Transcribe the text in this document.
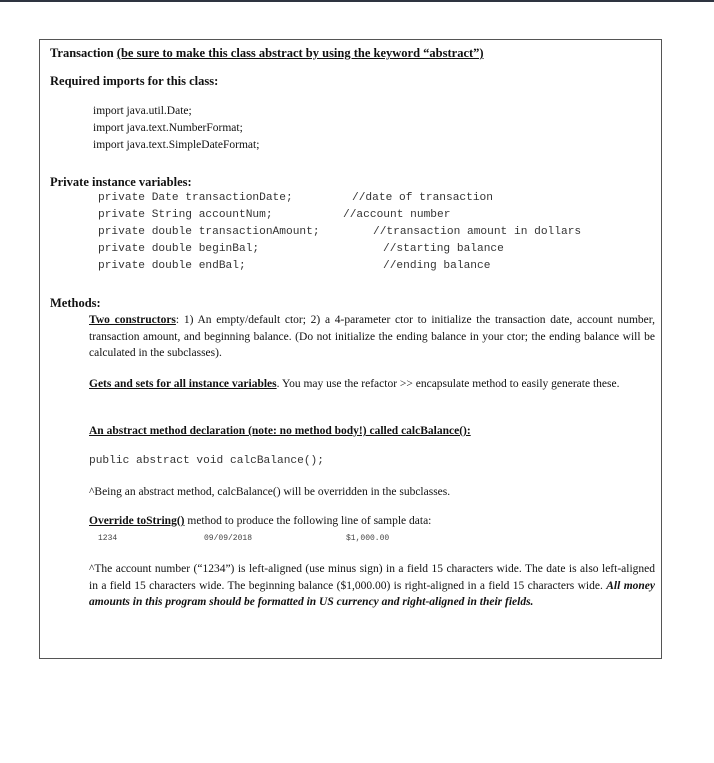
Transaction (be sure to make this class abstract by using the keyword “abstract”)
Required imports for this class:
import java.util.Date;
import java.text.NumberFormat;
import java.text.SimpleDateFormat;
Private instance variables:
private Date transactionDate;	//date of transaction
private String accountNum;	//account number
private double transactionAmount;	//transaction amount in dollars
private double beginBal;	//starting balance
private double endBal;	//ending balance
Methods:
Two constructors: 1) An empty/default ctor; 2) a 4-parameter ctor to initialize the transaction date, account number, transaction amount, and beginning balance. (Do not initialize the ending balance in your ctor; the ending balance will be calculated in the subclasses).
Gets and sets for all instance variables. You may use the refactor >> encapsulate method to easily generate these.
An abstract method declaration (note: no method body!) called calcBalance():
public abstract void calcBalance();
^Being an abstract method, calcBalance() will be overridden in the subclasses.
Override toString() method to produce the following line of sample data:
1234	09/09/2018	$1,000.00
^The account number (“1234”) is left-aligned (use minus sign) in a field 15 characters wide. The date is also left-aligned in a field 15 characters wide. The beginning balance ($1,000.00) is right-aligned in a field 15 characters wide. All money amounts in this program should be formatted in US currency and right-aligned in their fields.
